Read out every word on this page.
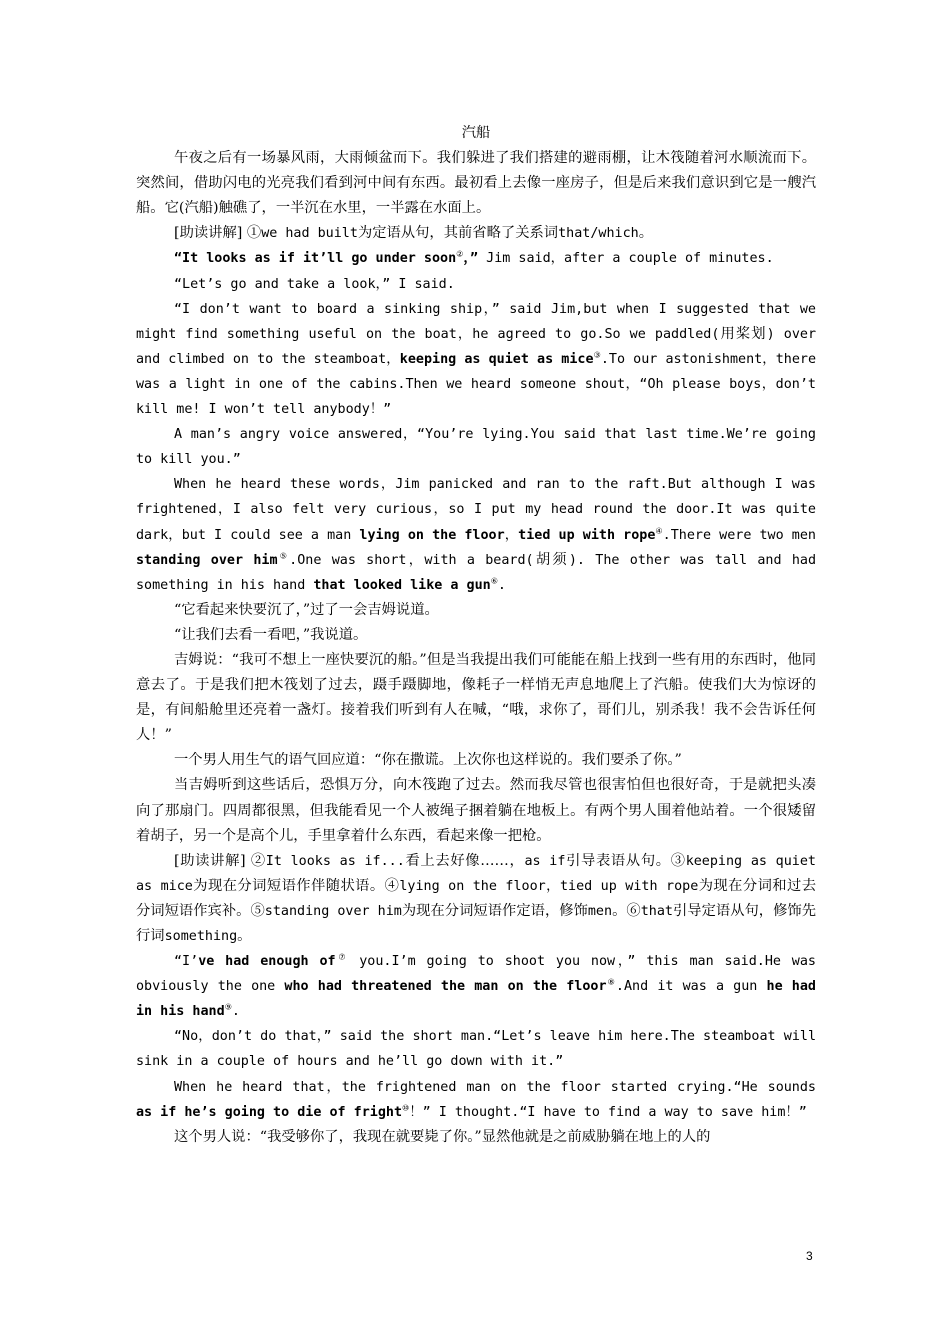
汽船

午夜之后有一场暴风雨，大雨倾盆而下。我们躲进了我们搭建的避雨棚，让木筏随着河水顺流而下。突然间，借助闪电的光亮我们看到河中间有东西。最初看上去像一座房子，但是后来我们意识到它是一艘汽船。它(汽船)触礁了，一半沉在水里，一半露在水面上。

[助读讲解] ①we had built为定语从句，其前省略了关系词that/which。

“It looks as if it’ll go under soon②，” Jim said，after a couple of minutes.

“Let’s go and take a look，” I said.

“I don’t want to board a sinking ship，” said Jim,but when I suggested that we might find something useful on the boat，he agreed to go.So we paddled(用桨划) over and climbed on to the steamboat，keeping as quiet as mice③.To our astonishment，there was a light in one of the cabins.Then we heard someone shout，“Oh please boys，don’t kill me! I won’t tell anybody！”

A man’s angry voice answered，“You’re lying.You said that last time.We’re going to kill you.”

When he heard these words，Jim panicked and ran to the raft.But although I was frightened，I also felt very curious，so I put my head round the door.It was quite dark，but I could see a man lying on the floor，tied up with rope④.There were two men standing over him⑤.One was short，with a beard(胡须). The other was tall and had something in his hand that looked like a gun⑥.

“它看起来快要沉了，”过了一会吉姆说道。

“让我们去看一看吧，”我说道。

吉姆说：“我可不想上一座快要沉的船。”但是当我提出我们可能能在船上找到一些有用的东西时，他同意去了。于是我们把木筏划了过去，蹑手蹑脚地，像耗子一样悄无声息地爬上了汽船。使我们大为惊讶的是，有间船舱里还亮着一盏灯。接着我们听到有人在喊，“哦，求你了，哥们儿，别杀我！我不会告诉任何人！”

一个男人用生气的语气回应道：“你在撒谎。上次你也这样说的。我们要杀了你。”

当吉姆听到这些话后，恐惧万分，向木筏跑了过去。然而我尽管也很害怕但也很好奇，于是就把头凑向了那扇门。四周都很黑，但我能看见一个人被绳子捆着躺在地板上。有两个男人围着他站着。一个很矮留着胡子，另一个是高个儿，手里拿着什么东西，看起来像一把枪。

[助读讲解] ②It looks as if...看上去好像……，as if引导表语从句。③keeping as quiet as mice为现在分词短语作伴随状语。④lying on the floor，tied up with rope为现在分词和过去分词短语作宾补。⑤standing over him为现在分词短语作定语，修饰men。⑥that引导定语从句，修饰先行词something。

“I’ve had enough of⑦ you.I’m going to shoot you now，” this man said.He was obviously the one who had threatened the man on the floor⑧.And it was a gun he had in his hand⑨.

“No，don’t do that，” said the short man.“Let’s leave him here.The steamboat will sink in a couple of hours and he’ll go down with it.”

When he heard that，the frightened man on the floor started crying.“He sounds as if he’s going to die of fright⑩！” I thought.“I have to find a way to save him！”

这个男人说：“我受够你了，我现在就要毙了你。”显然他就是之前威胁躺在地上的人的

3
